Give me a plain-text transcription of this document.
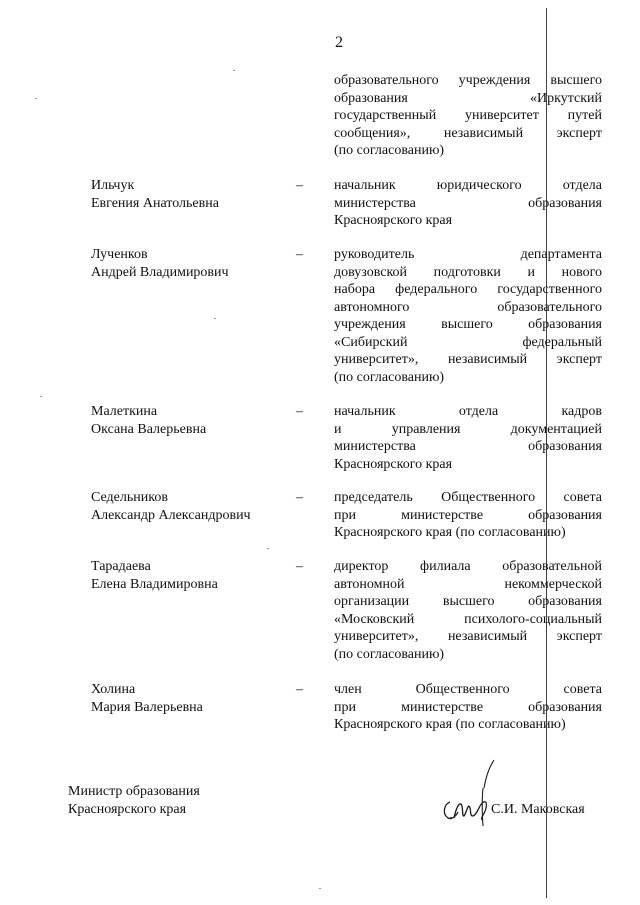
2
образовательного учреждения высшего
образования «Иркутский
государственный университет путей
сообщения», независимый эксперт
(по согласованию)
Ильчук
Евгения Анатольевна
– начальник юридического отдела
министерства образования
Красноярского края
Лученков
Андрей Владимирович
– руководитель департамента
довузовской подготовки и нового
набора федерального государственного
автономного образовательного
учреждения высшего образования
«Сибирский федеральный
университет», независимый эксперт
(по согласованию)
Малеткина
Оксана Валерьевна
– начальник отдела кадров
и управления документацией
министерства образования
Красноярского края
Седельников
Александр Александрович
– председатель Общественного совета
при министерстве образования
Красноярского края (по согласованию)
Тарадаева
Елена Владимировна
– директор филиала образовательной
автономной некоммерческой
организации высшего образования
«Московский психолого-социальный
университет», независимый эксперт
(по согласованию)
Холина
Мария Валерьевна
– член Общественного совета
при министерстве образования
Красноярского края (по согласованию)
Министр образования
Красноярского края	С.И. Маковская
